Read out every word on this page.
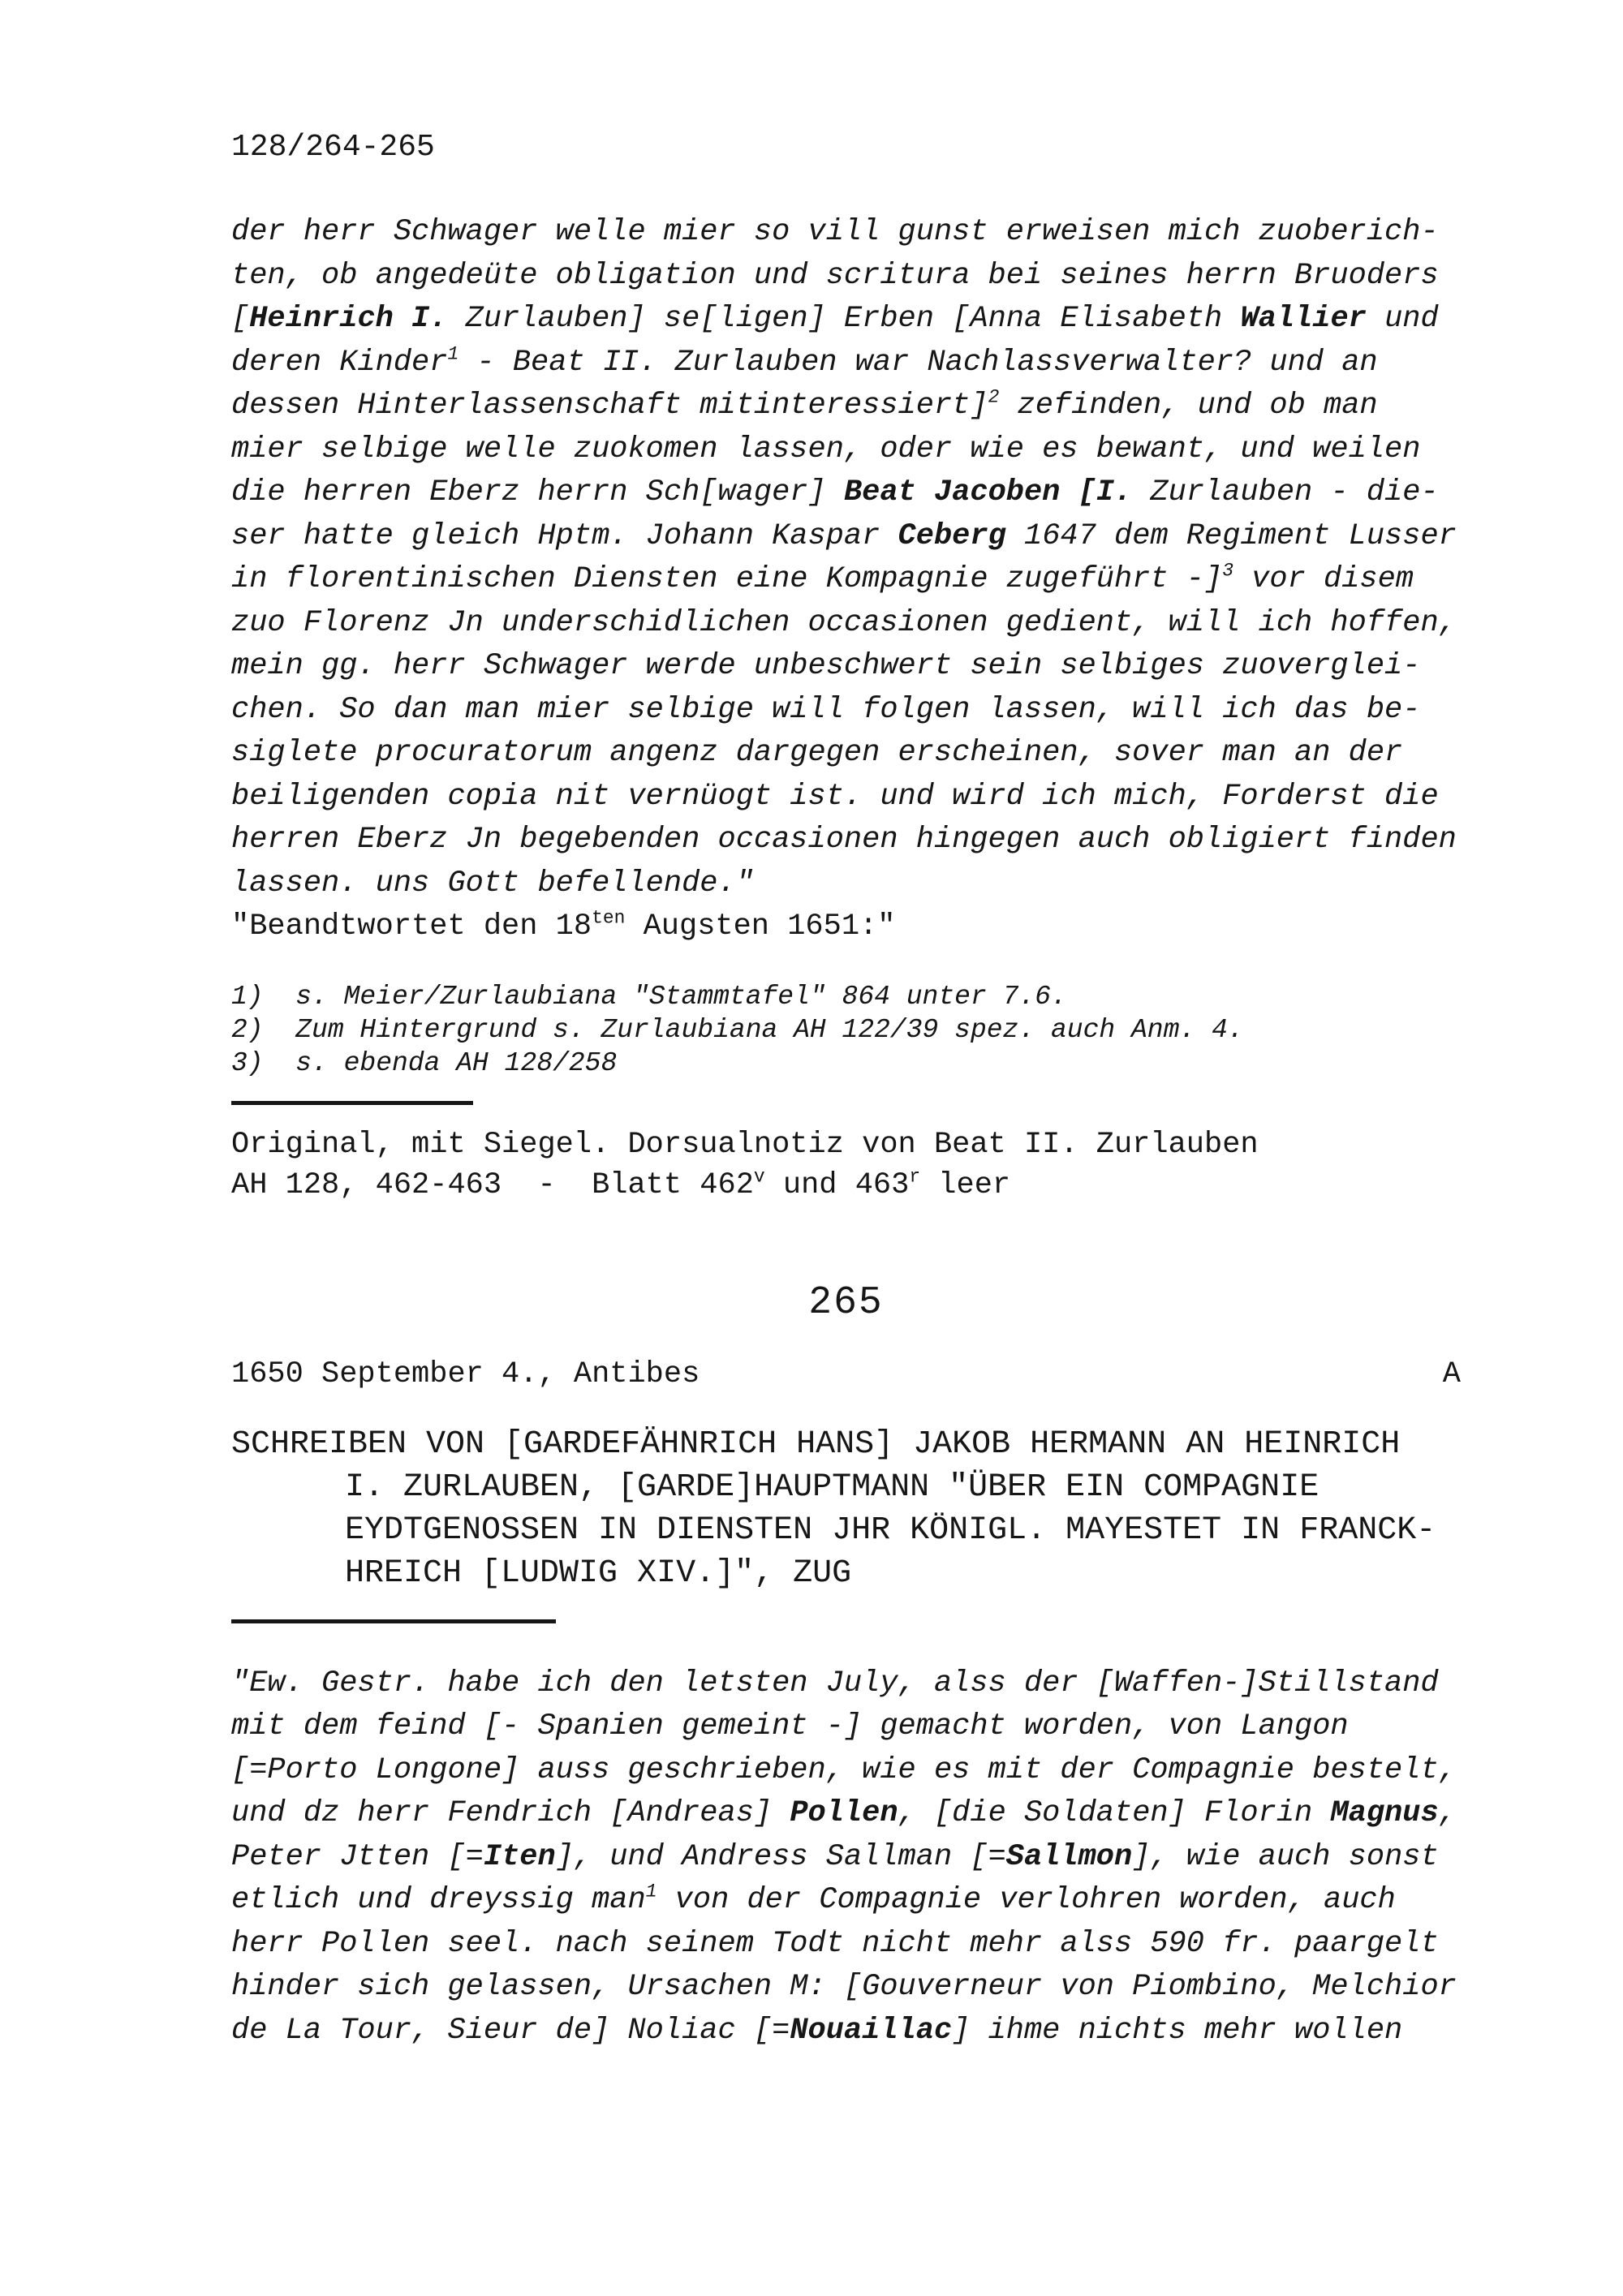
128/264-265
der herr Schwager welle mier so vill gunst erweisen mich zuoberich-
ten, ob angedeüte obligation und scritura bei seines herrn Bruoders
[Heinrich I. Zurlauben] se[ligen] Erben [Anna Elisabeth Wallier und
deren Kinder$^1$ - Beat II. Zurlauben war Nachlassverwalter? und an
dessen Hinterlassenschaft mitinteressiert]$^2$ zefinden, und ob man
mier selbige welle zuokomen lassen, oder wie es bewant, und weilen
die herren Eberz herrn Sch[wager] Beat Jacoben [I. Zurlauben - die-
ser hatte gleich Hptm. Johann Kaspar Ceberg 1647 dem Regiment Lusser
in florentinischen Diensten eine Kompagnie zugeführt -]$^3$ vor disem
zuo Florenz Jn underschidlichen occasionen gedient, will ich hoffen,
mein gg. herr Schwager werde unbeschwert sein selbiges zuoverglei-
chen. So dan man mier selbige will folgen lassen, will ich das be-
siglete procuratorum angenz dargegen erscheinen, sover man an der
beiligenden copia nit vernüogt ist. und wird ich mich, Forderst die
herren Eberz Jn begebenden occasionen hingegen auch obligiert finden
lassen. uns Gott befellende."
"Beandtwortet den $18^{ten}$ Augsten 1651:"
1)  s. Meier/Zurlaubiana "Stammtafel" 864 unter 7.6.
2)  Zum Hintergrund s. Zurlaubiana AH 122/39 spez. auch Anm. 4.
3)  s. ebenda AH 128/258
Original, mit Siegel. Dorsualnotiz von Beat II. Zurlauben
AH 128, 462-463  -  Blatt 462$^v$ und 463$^r$ leer
265
1650 September 4., Antibes	A
SCHREIBEN VON [GARDEFÄHNRICH HANS] JAKOB HERMANN AN HEINRICH
I. ZURLAUBEN, [GARDE]HAUPTMANN "ÜBER EIN COMPAGNIE
EYDTGENOSSEN IN DIENSTEN JHR KÖNIGL. MAYESTET IN FRANCK-
HREICH [LUDWIG XIV.]", ZUG
"Ew. Gestr. habe ich den letsten July, alss der [Waffen-]Stillstand
mit dem feind [- Spanien gemeint -] gemacht worden, von Langon
[=Porto Longone] auss geschrieben, wie es mit der Compagnie bestelt,
und dz herr Fendrich [Andreas] Pollen, [die Soldaten] Florin Magnus,
Peter Jtten [=Iten], und Andress Sallman [=Sallmon], wie auch sonst
etlich und dreyssig man$^1$ von der Compagnie verlohren worden, auch
herr Pollen seel. nach seinem Todt nicht mehr alss 590 fr. paargelt
hinder sich gelassen, Ursachen M: [Gouverneur von Piombino, Melchior
de La Tour, Sieur de] Noliac [=Nouaillac] ihme nichts mehr wollen
